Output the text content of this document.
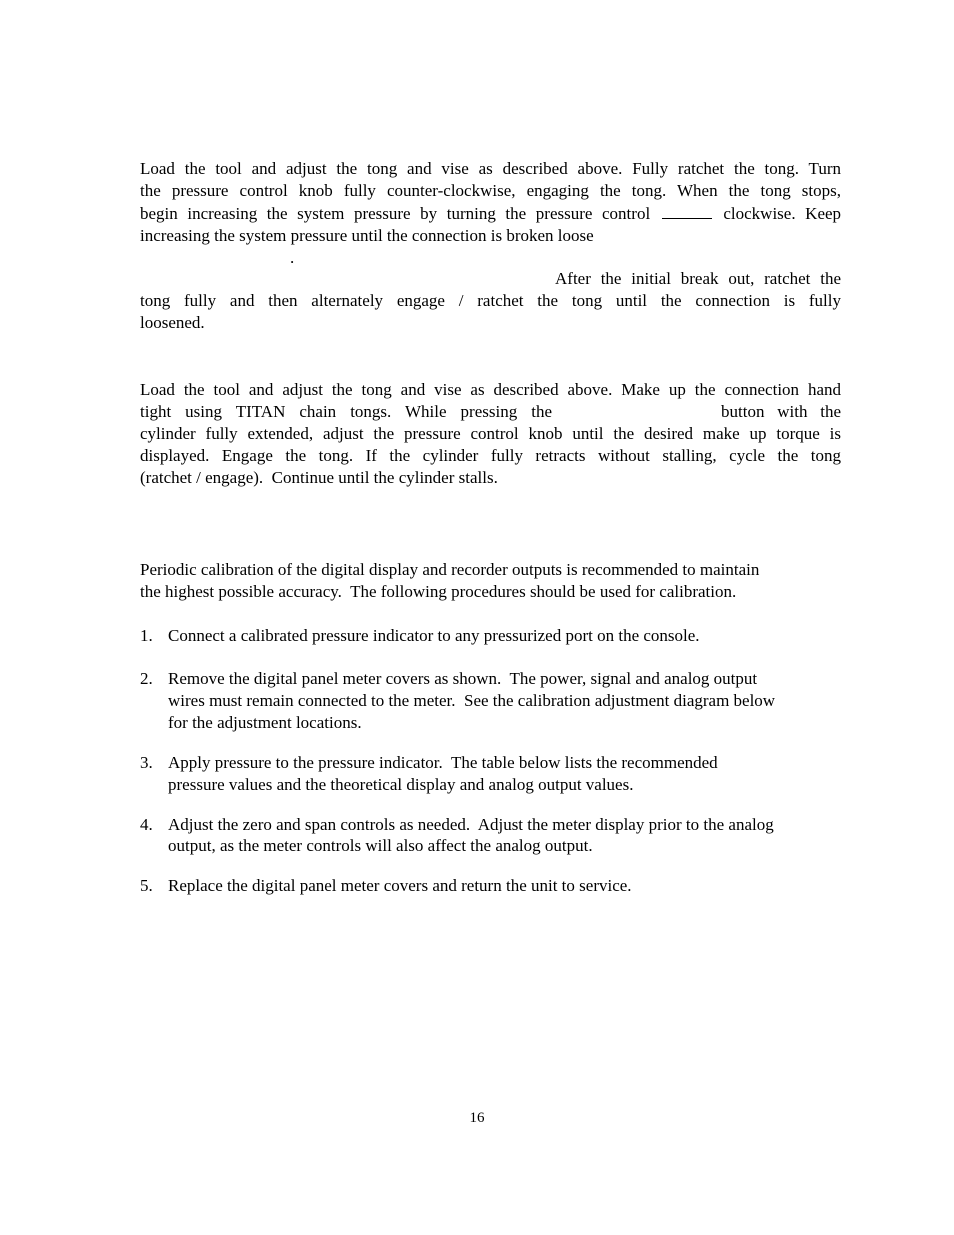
Load the tool and adjust the tong and vise as described above. Fully ratchet the tong. Turn
the pressure control knob fully counter-clockwise, engaging the tong. When the tong stops,
begin increasing the system pressure by turning the pressure control	clockwise. Keep
increasing the system pressure until the connection is broken loose
.
After the initial break out, ratchet the
tong fully and then alternately engage / ratchet the tong until the connection is fully
loosened.
Load the tool and adjust the tong and vise as described above. Make up the connection hand
tight using TITAN chain tongs. While pressing the	button with the
cylinder fully extended, adjust the pressure control knob until the desired make up torque is
displayed. Engage the tong. If the cylinder fully retracts without stalling, cycle the tong
(ratchet / engage).  Continue until the cylinder stalls.
Periodic calibration of the digital display and recorder outputs is recommended to maintain
the highest possible accuracy.  The following procedures should be used for calibration.
1. Connect a calibrated pressure indicator to any pressurized port on the console.
2. Remove the digital panel meter covers as shown.  The power, signal and analog output
wires must remain connected to the meter.  See the calibration adjustment diagram below
for the adjustment locations.
3. Apply pressure to the pressure indicator.  The table below lists the recommended
pressure values and the theoretical display and analog output values.
4. Adjust the zero and span controls as needed.  Adjust the meter display prior to the analog
output, as the meter controls will also affect the analog output.
5. Replace the digital panel meter covers and return the unit to service.
16
